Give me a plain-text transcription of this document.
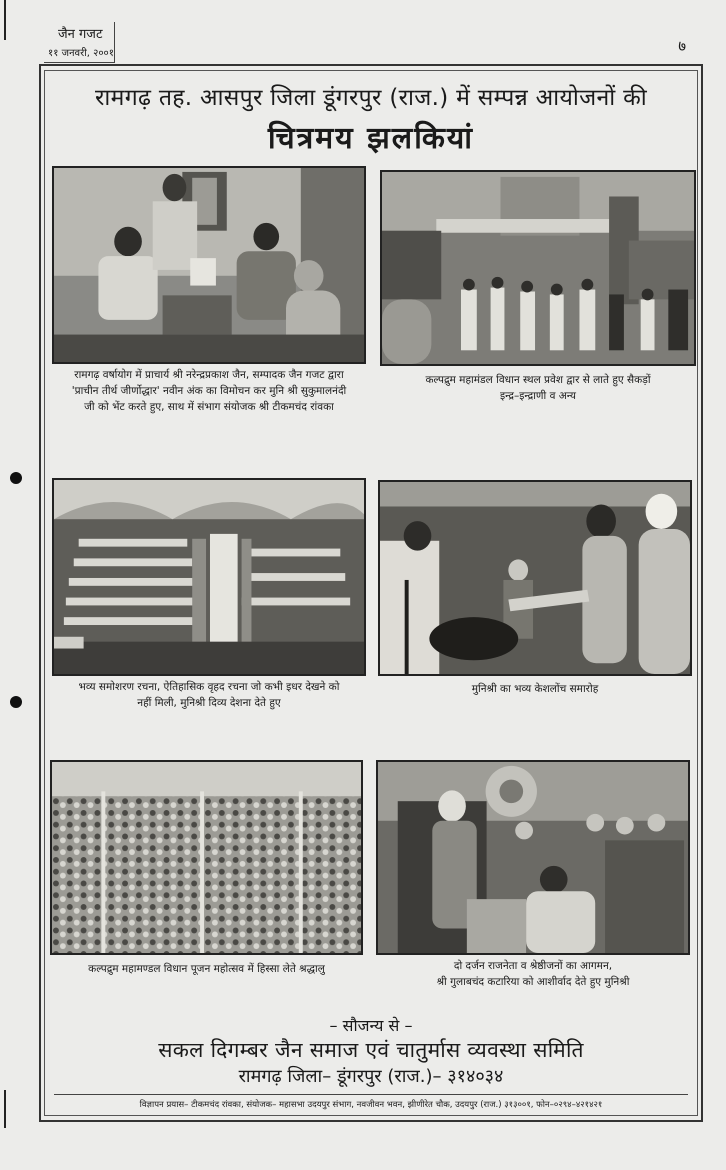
जैन गजट
११ जनवरी, २००१	७
रामगढ़ तह. आसपुर जिला डूंगरपुर (राज.) में सम्पन्न आयोजनों की
चित्रमय झलकियां
रामगढ़ वर्षायोग में प्राचार्य श्री नरेन्द्रप्रकाश जैन, सम्पादक जैन गजट द्वारा
'प्राचीन तीर्थ जीर्णोद्धार' नवीन अंक का विमोचन कर मुनि श्री सुकुमालनंदी
जी को भेंट करते हुए, साथ में संभाग संयोजक श्री टीकमचंद रांवका
कल्पद्रुम महामंडल विधान स्थल प्रवेश द्वार से लाते हुए सैकड़ों
इन्द्र–इन्द्राणी व अन्य
भव्य समोशरण रचना, ऐतिहासिक वृहद रचना जो कभी इधर देखने को
नहीं मिली, मुनिश्री दिव्य देशना देते हुए
मुनिश्री का भव्य केशलोंच समारोह
कल्पद्रुम महामण्डल विधान पूजन महोत्सव में हिस्सा लेते श्रद्धालु	दो दर्जन राजनेता व श्रेष्ठीजनों का आगमन,
श्री गुलाबचंद कटारिया को आशीर्वाद देते हुए मुनिश्री
– सौजन्य से –
सकल दिगम्बर जैन समाज एवं चातुर्मास व्यवस्था समिति
रामगढ़ जिला– डूंगरपुर (राज.)– ३१४०३४
विज्ञापन प्रयास– टीकमचंद रांवका, संयोजक– महासभा उदयपुर संभाग, नवजीवन भवन, झीणीरेत चौक, उदयपुर (राज.) ३१३००१, फोन–०२९४–४२१४२१
